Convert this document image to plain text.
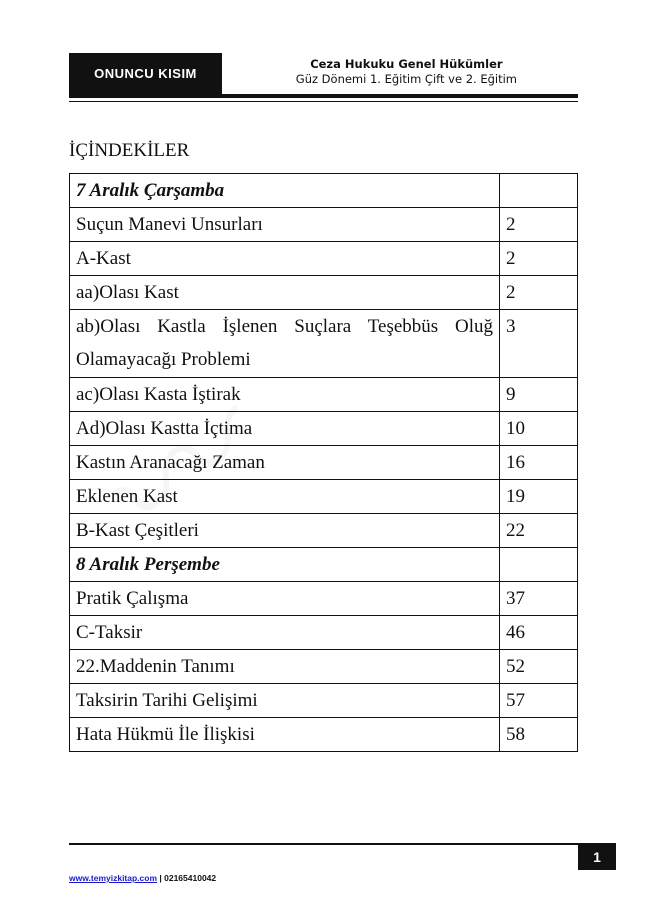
ONUNCU KISIM
Ceza Hukuku Genel Hükümler
Güz Dönemi 1. Eğitim Çift ve 2. Eğitim
İÇİNDEKİLER
7 Aralık Çarşamba	
Suçun Manevi Unsurları	2
A-Kast	2
aa)Olası Kast	2
ab)Olası Kastla İşlenen Suçlara Teşebbüs Oluğ Olamayacağı Problemi	3
ac)Olası Kasta İştirak	9
Ad)Olası Kastta İçtima	10
Kastın Aranacağı Zaman	16
Eklenen Kast	19
B-Kast Çeşitleri	22
8 Aralık Perşembe	
Pratik Çalışma	37
C-Taksir	46
22.Maddenin Tanımı	52
Taksirin Tarihi Gelişimi	57
Hata Hükmü İle İlişkisi	58
1
www.temyizkitap.com | 02165410042
